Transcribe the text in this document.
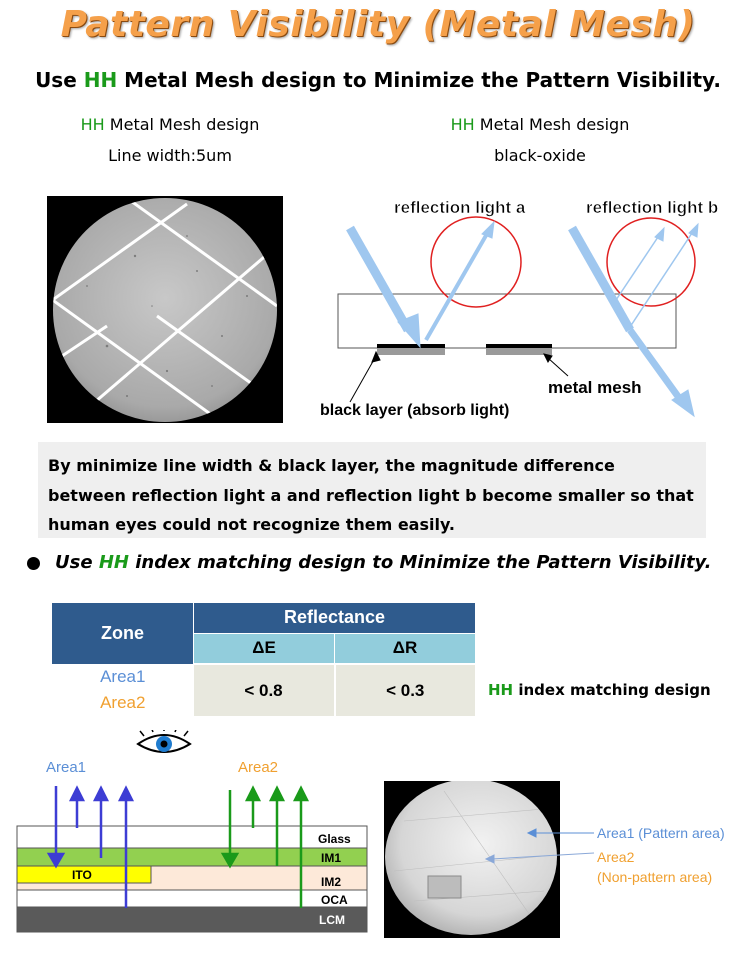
Pattern Visibility (Metal Mesh)
Use HH Metal Mesh design to Minimize the Pattern Visibility.
HH Metal Mesh design
Line width:5um
HH Metal Mesh design
black-oxide
reflection light a	reflection light b
black layer (absorb light)
metal mesh
By minimize line width & black layer, the magnitude difference between reflection light a and reflection light b become smaller so that human eyes could not recognize them easily.
Use HH index matching design to Minimize the Pattern Visibility.
Zone	Reflectance	
	ΔE	ΔR

Area1
Area2	< 0.8	< 0.3	HH index matching design
Area1	Area2
Glass
IM1
ITO	IM2
OCA
LCM
Area1 (Pattern area)
Area2
(Non-pattern area)
